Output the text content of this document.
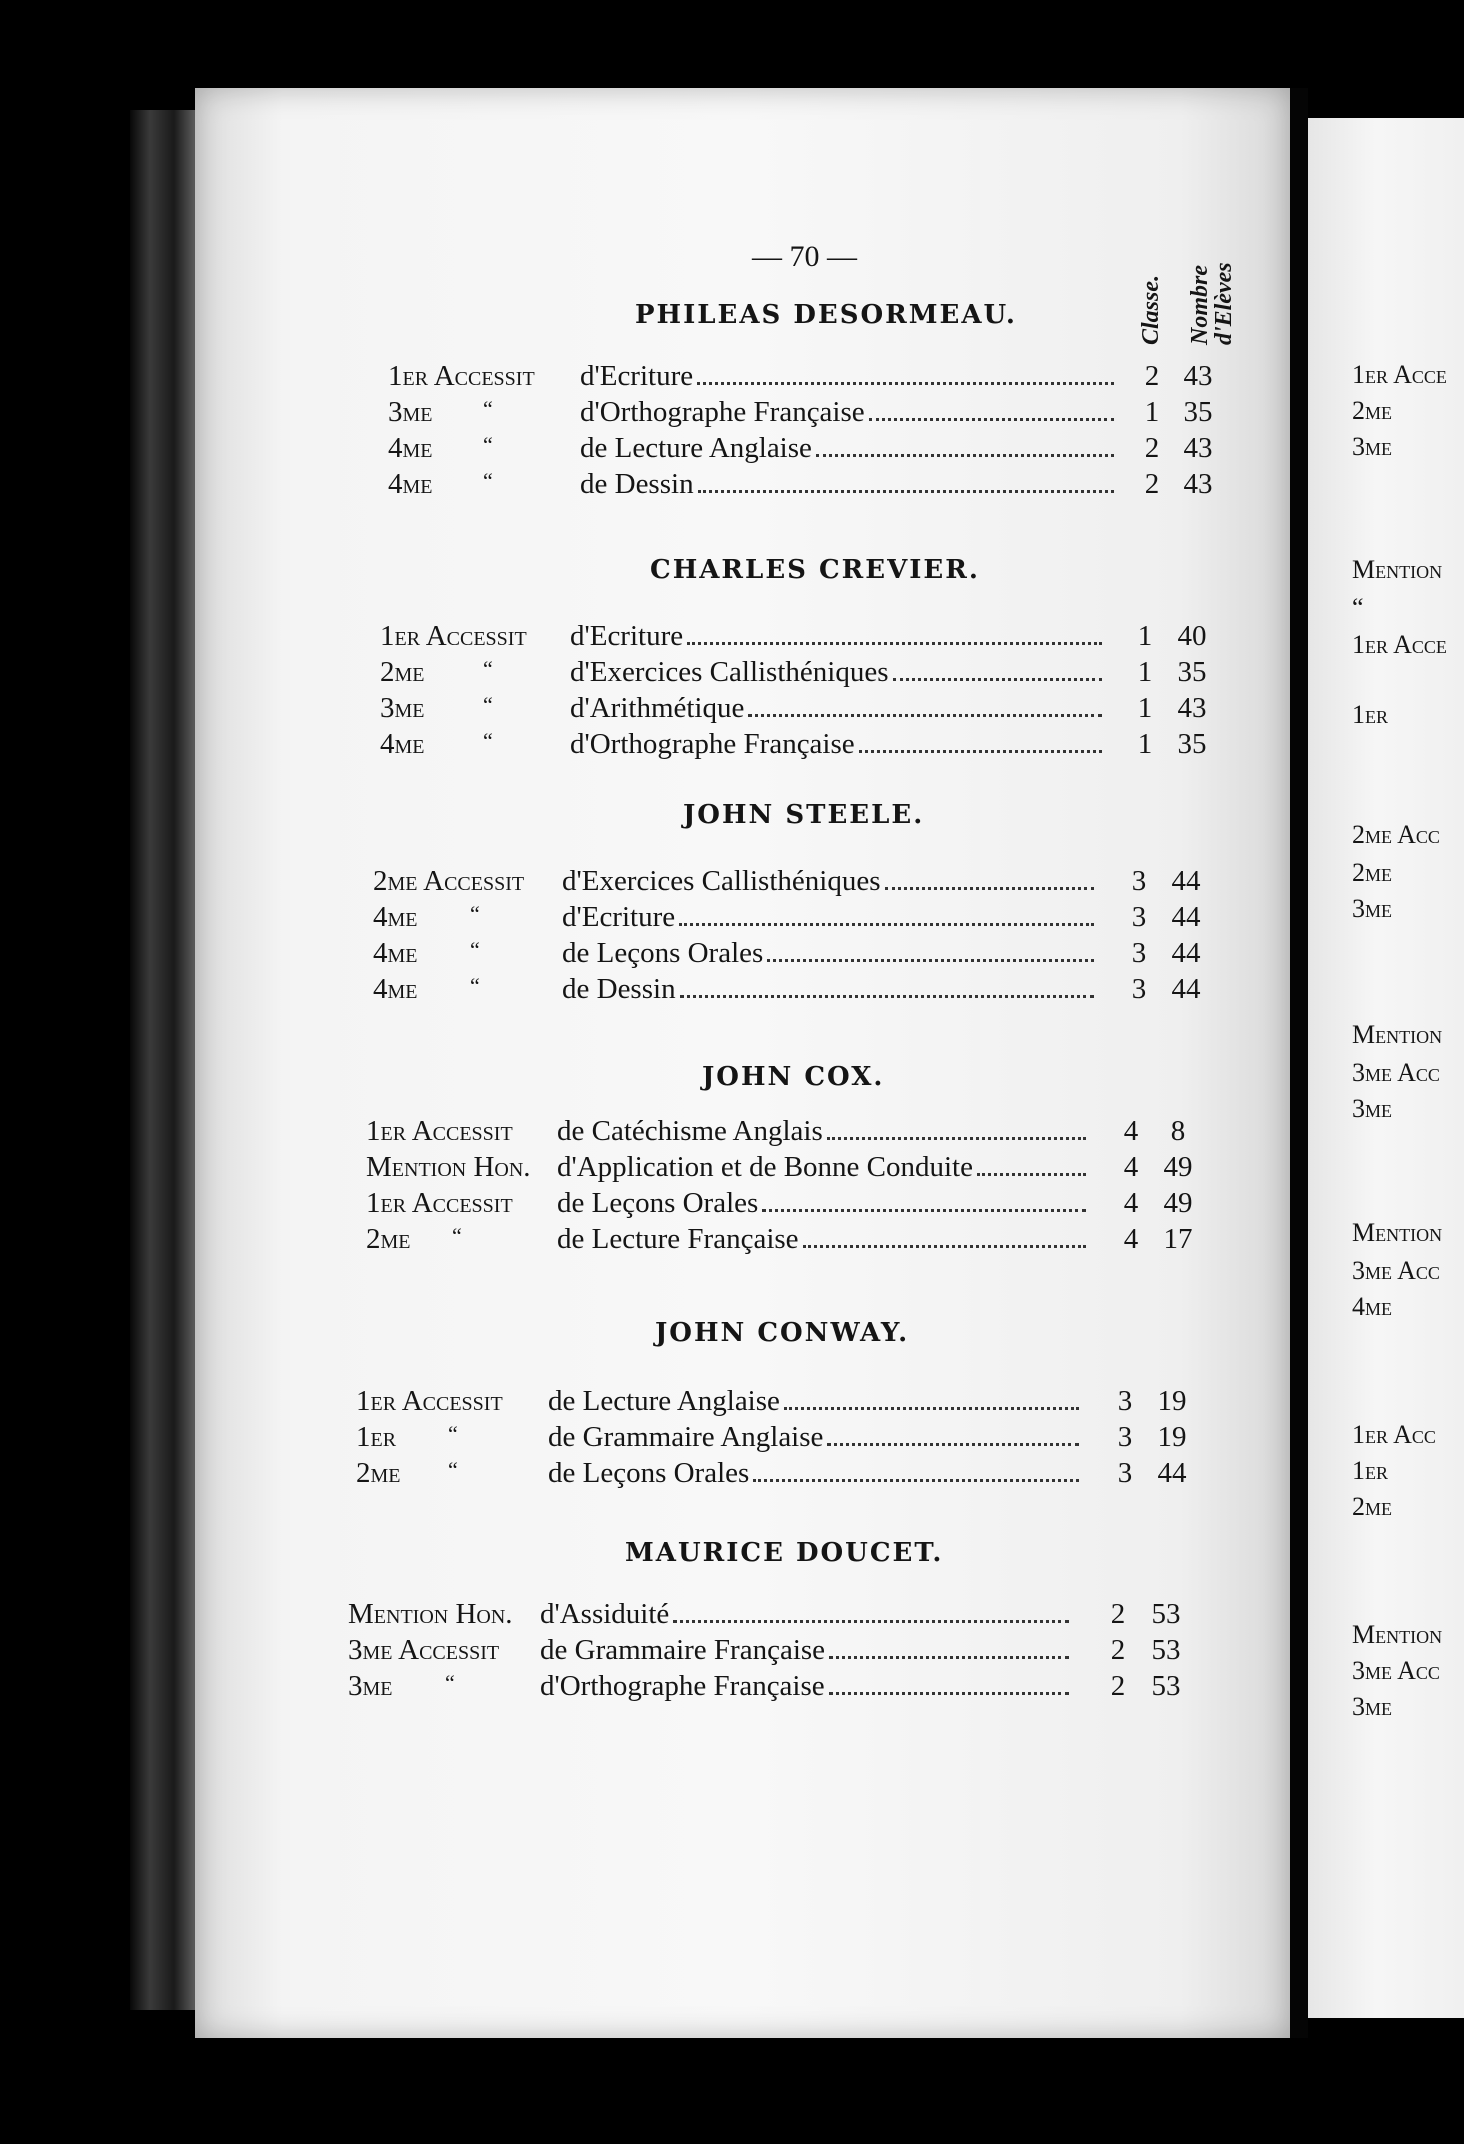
— 70 —
Classe. Nombre d'Elèves
PHILEAS DESORMEAU.
1er Accessit d'Ecriture	2 43
3me “	d'Orthographe Française	1 35
4me “	de Lecture Anglaise	2 43
4me “	de Dessin	2 43
CHARLES CREVIER.
1er Accessit d'Ecriture	1 40
2me	“	d'Exercices Callisthéniques	1 35
3me	“	d'Arithmétique	1 43
4me	“	d'Orthographe Française	1 35
JOHN STEELE.
2me Accessit d'Exercices Callisthéniques	3 44
4me “	d'Ecriture	3 44
4me “	de Leçons Orales	3 44
4me “	de Dessin	3 44
JOHN COX.
1er Accessit de Catéchisme Anglais	4	8
Mention Hon. d'Application et de Bonne Conduite	4 49
1er Accessit de Leçons Orales	4 49
2me “	de Lecture Française	4 17
JOHN CONWAY.
1er Accessit de Lecture Anglaise	3 19
1er “	de Grammaire Anglaise	3 19
2me “	de Leçons Orales	3 44
MAURICE DOUCET.
Mention Hon. d'Assiduité	2 53
3me Accessit de Grammaire Française	2 53
3me “	d'Orthographe Française	2 53
1er Acce
2me
3me
Mention
“
1er Acce
1er
2me Acc
2me
3me
Mention
3me Acc
3me
Mention
3me Acc
4me
1er Acc
1er
2me
Mention
3me Acc
3me
